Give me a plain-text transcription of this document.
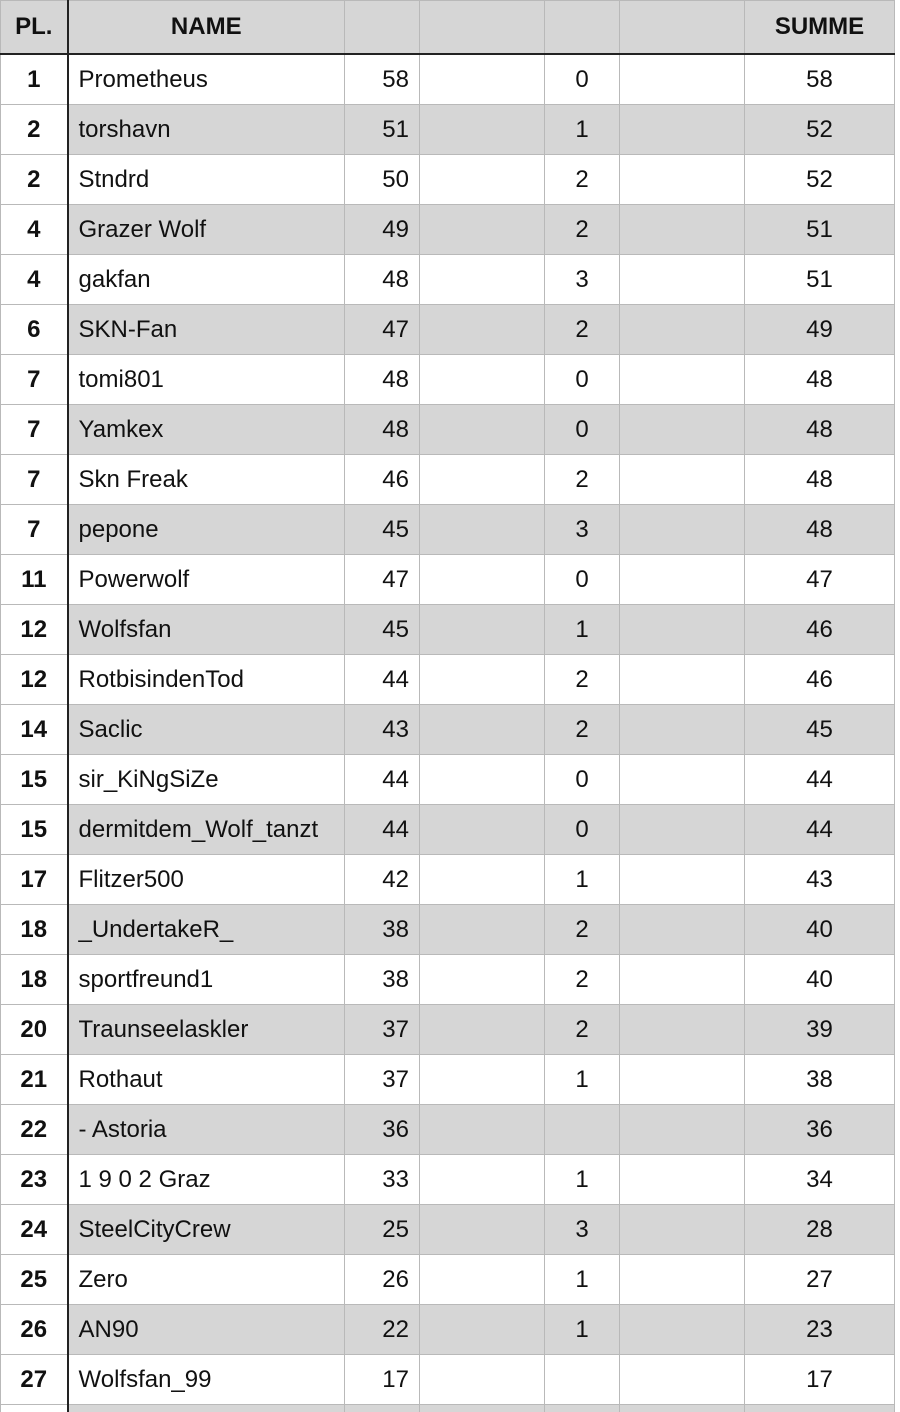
PL.	NAME					SUMME
1	Prometheus	58		0		58
2	torshavn	51		1		52
2	Stndrd	50		2		52
4	Grazer Wolf	49		2		51
4	gakfan	48		3		51
6	SKN-Fan	47		2		49
7	tomi801	48		0		48
7	Yamkex	48		0		48
7	Skn Freak	46		2		48
7	pepone	45		3		48
11	Powerwolf	47		0		47
12	Wolfsfan	45		1		46
12	RotbisindenTod	44		2		46
14	Saclic	43		2		45
15	sir_KiNgSiZe	44		0		44
15	dermitdem_Wolf_tanzt	44		0		44
17	Flitzer500	42		1		43
18	_UndertakeR_	38		2		40
18	sportfreund1	38		2		40
20	Traunseelaskler	37		2		39
21	Rothaut	37		1		38
22	- Astoria	36				36
23	1 9 0 2 Graz	33		1		34
24	SteelCityCrew	25		3		28
25	Zero	26		1		27
26	AN90	22		1		23
27	Wolfsfan_99	17				17
